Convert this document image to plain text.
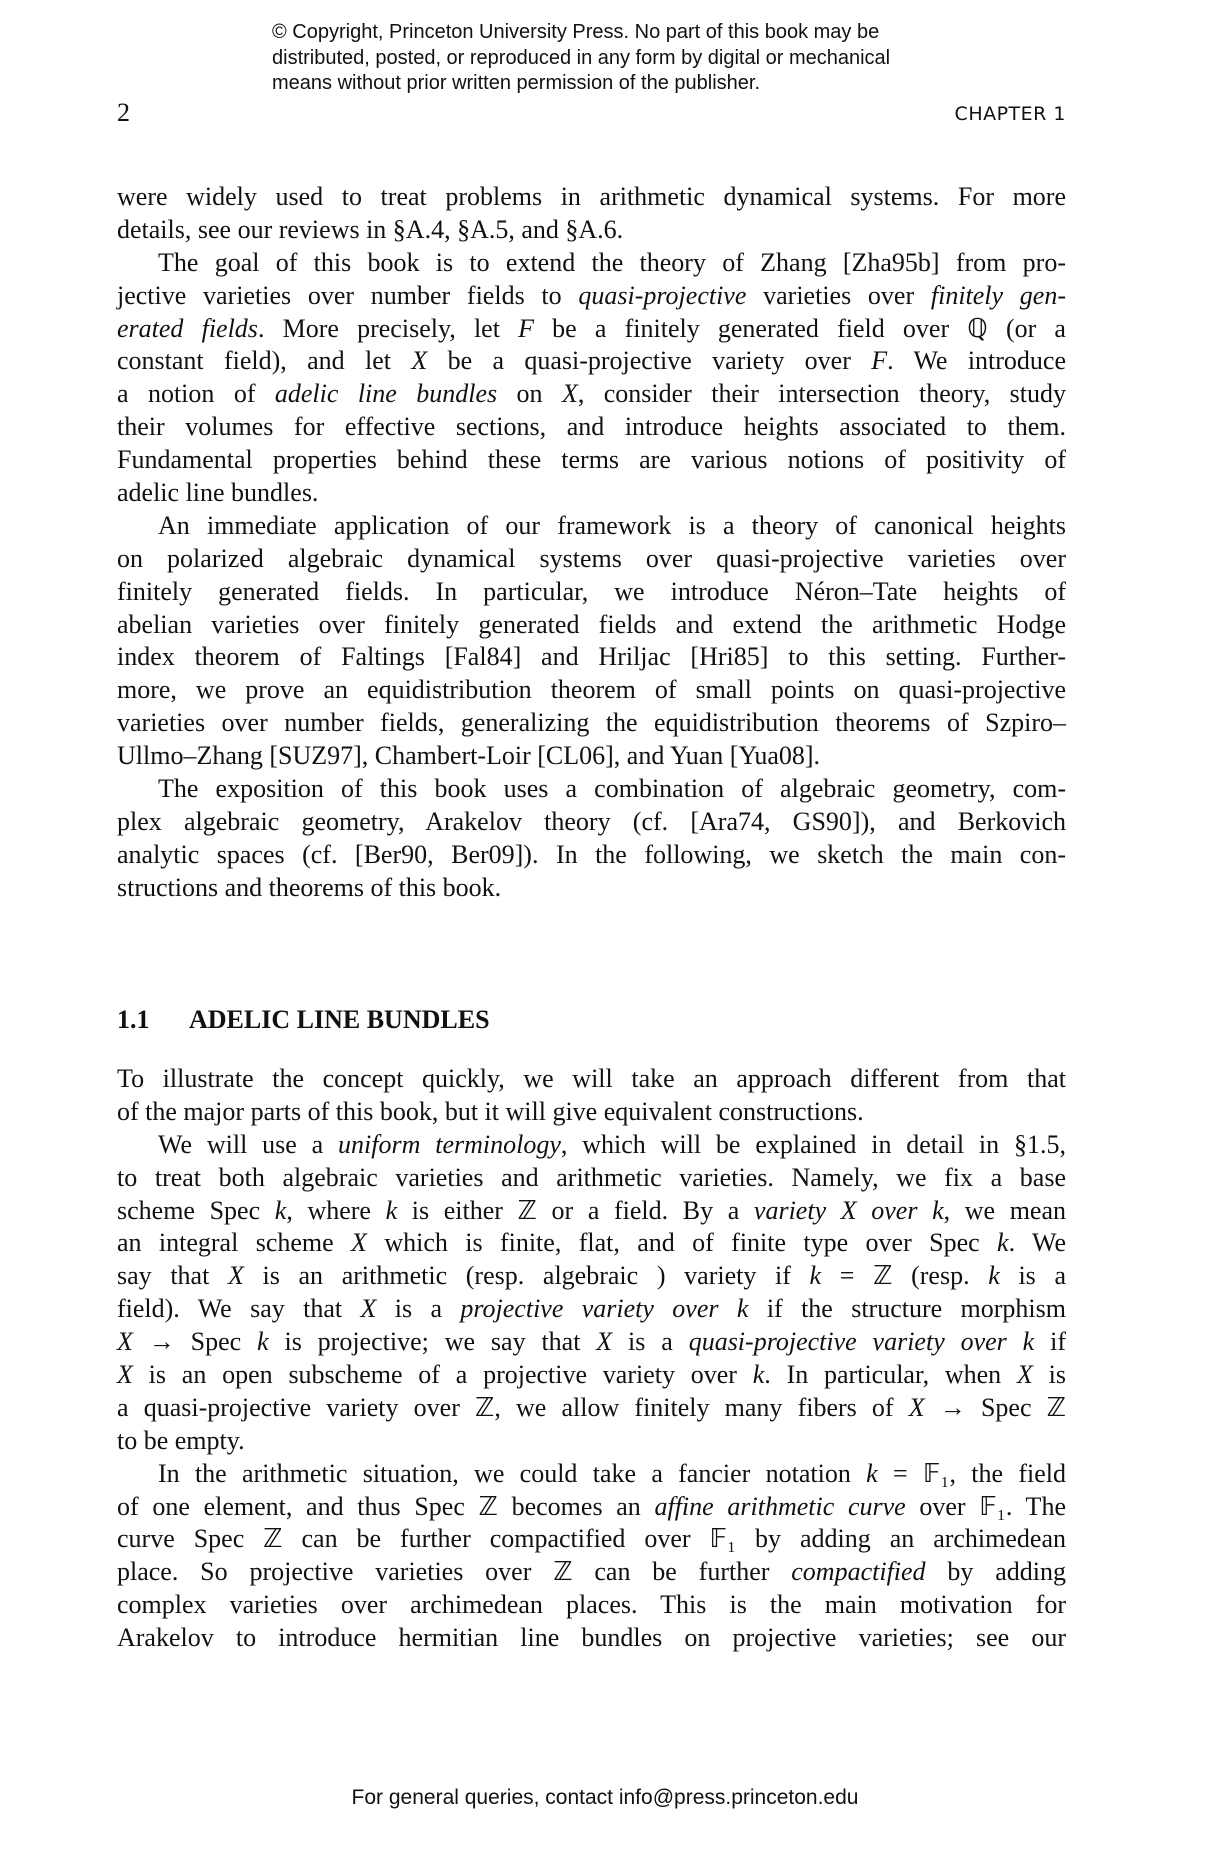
© Copyright, Princeton University Press. No part of this book may be
distributed, posted, or reproduced in any form by digital or mechanical
means without prior written permission of the publisher.
2	CHAPTER 1
were widely used to treat problems in arithmetic dynamical systems. For more
details, see our reviews in §A.4, §A.5, and §A.6.
The goal of this book is to extend the theory of Zhang [Zha95b] from pro-
jective varieties over number fields to quasi-projective varieties over finitely gen-
erated fields. More precisely, let F be a finitely generated field over ℚ (or a
constant field), and let X be a quasi-projective variety over F. We introduce
a notion of adelic line bundles on X, consider their intersection theory, study
their volumes for effective sections, and introduce heights associated to them.
Fundamental properties behind these terms are various notions of positivity of
adelic line bundles.
An immediate application of our framework is a theory of canonical heights
on polarized algebraic dynamical systems over quasi-projective varieties over
finitely generated fields. In particular, we introduce Néron–Tate heights of
abelian varieties over finitely generated fields and extend the arithmetic Hodge
index theorem of Faltings [Fal84] and Hriljac [Hri85] to this setting. Further-
more, we prove an equidistribution theorem of small points on quasi-projective
varieties over number fields, generalizing the equidistribution theorems of Szpiro–
Ullmo–Zhang [SUZ97], Chambert-Loir [CL06], and Yuan [Yua08].
The exposition of this book uses a combination of algebraic geometry, com-
plex algebraic geometry, Arakelov theory (cf. [Ara74, GS90]), and Berkovich
analytic spaces (cf. [Ber90, Ber09]). In the following, we sketch the main con-
structions and theorems of this book.
1.1 ADELIC LINE BUNDLES
To illustrate the concept quickly, we will take an approach different from that
of the major parts of this book, but it will give equivalent constructions.
We will use a uniform terminology, which will be explained in detail in §1.5,
to treat both algebraic varieties and arithmetic varieties. Namely, we fix a base
scheme Spec k, where k is either ℤ or a field. By a variety X over k, we mean
an integral scheme X which is finite, flat, and of finite type over Spec k. We
say that X is an arithmetic (resp. algebraic ) variety if k = ℤ (resp. k is a
field). We say that X is a projective variety over k if the structure morphism
X → Spec k is projective; we say that X is a quasi-projective variety over k if
X is an open subscheme of a projective variety over k. In particular, when X is
a quasi-projective variety over ℤ, we allow finitely many fibers of X → Spec ℤ
to be empty.
In the arithmetic situation, we could take a fancier notation k = 𝔽₁, the field
of one element, and thus Spec ℤ becomes an affine arithmetic curve over 𝔽₁. The
curve Spec ℤ can be further compactified over 𝔽₁ by adding an archimedean
place. So projective varieties over ℤ can be further compactified by adding
complex varieties over archimedean places. This is the main motivation for
Arakelov to introduce hermitian line bundles on projective varieties; see our
For general queries, contact info@press.princeton.edu
